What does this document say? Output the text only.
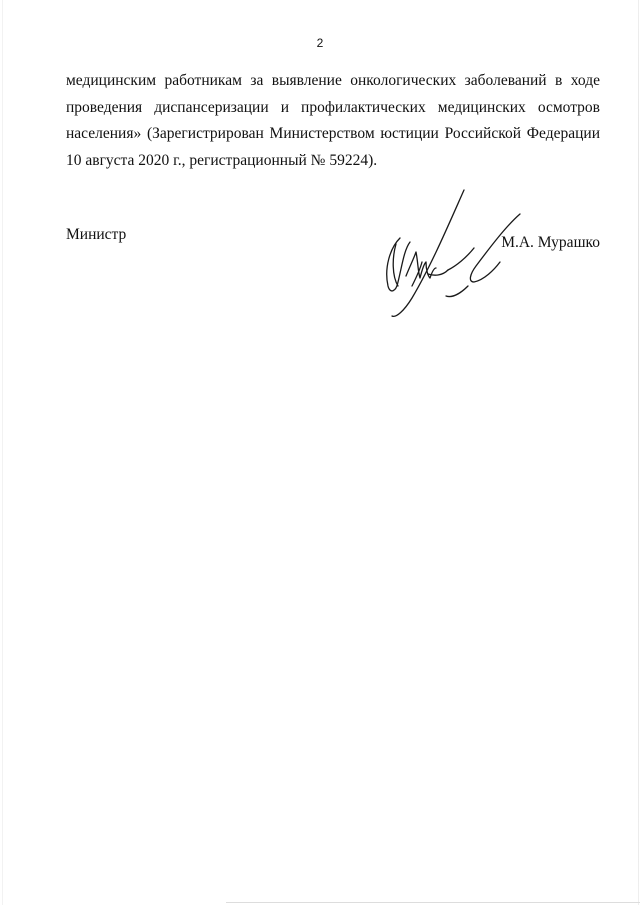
2

медицинским работникам за выявление онкологических заболеваний в ходе
проведения диспансеризации и профилактических медицинских осмотров
населения» (Зарегистрирован Министерством юстиции Российской Федерации
10 августа 2020 г., регистрационный № 59224).

Министр	М.А. Мурашко
